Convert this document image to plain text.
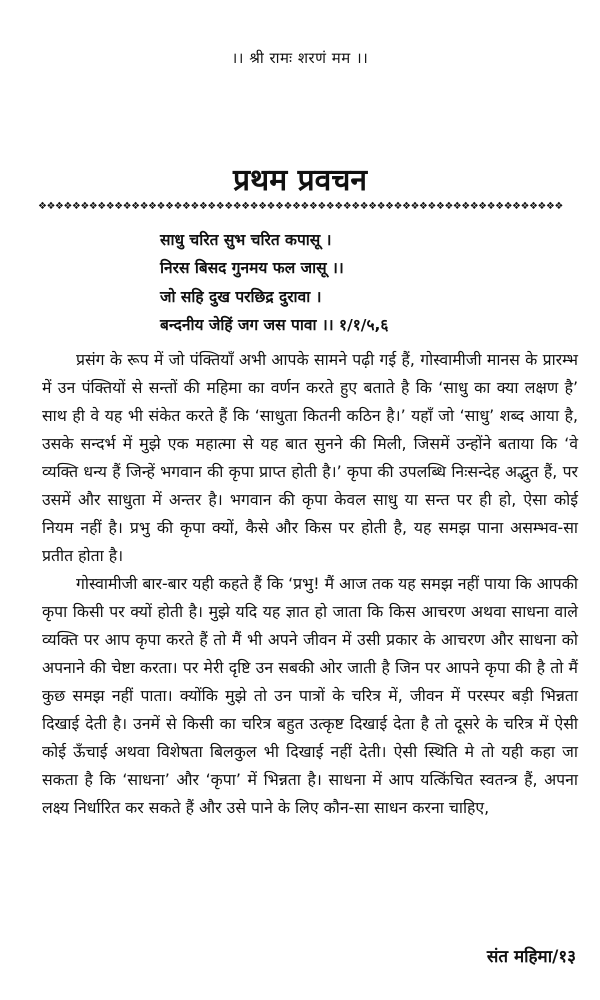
।। श्री रामः शरणं मम ।।
प्रथम प्रवचन
❖❖❖❖❖❖❖❖❖❖❖❖❖❖❖❖❖❖❖❖❖❖❖❖❖❖❖❖❖❖❖❖❖❖❖❖❖❖❖❖❖❖❖❖❖❖❖❖❖❖❖❖❖❖❖❖❖❖❖❖❖❖
साधु चरित सुभ चरित कपासू ।
निरस बिसद गुनमय फल जासू ।।
जो सहि दुख परछिद्र दुरावा ।
बन्दनीय जेहिं जग जस पावा ।। १/१/५,६

प्रसंग के रूप में जो पंक्तियाँ अभी आपके सामने पढ़ी गई हैं, गोस्वामीजी मानस के प्रारम्भ में उन पंक्तियों से सन्तों की महिमा का वर्णन करते हुए बताते है कि ‘साधु का क्या लक्षण है’ साथ ही वे यह भी संकेत करते हैं कि ‘साधुता कितनी कठिन है।’ यहाँ जो ‘साधु’ शब्द आया है, उसके सन्दर्भ में मुझे एक महात्मा से यह बात सुनने की मिली, जिसमें उन्होंने बताया कि ‘वे व्यक्ति धन्य हैं जिन्हें भगवान की कृपा प्राप्त होती है।’ कृपा की उपलब्धि निःसन्देह अद्भुत हैं, पर उसमें और साधुता में अन्तर है। भगवान की कृपा केवल साधु या सन्त पर ही हो, ऐसा कोई नियम नहीं है। प्रभु की कृपा क्यों, कैसे और किस पर होती है, यह समझ पाना असम्भव-सा प्रतीत होता है।

गोस्वामीजी बार-बार यही कहते हैं कि ‘प्रभु! मैं आज तक यह समझ नहीं पाया कि आपकी कृपा किसी पर क्यों होती है। मुझे यदि यह ज्ञात हो जाता कि किस आचरण अथवा साधना वाले व्यक्ति पर आप कृपा करते हैं तो मैं भी अपने जीवन में उसी प्रकार के आचरण और साधना को अपनाने की चेष्टा करता। पर मेरी दृष्टि उन सबकी ओर जाती है जिन पर आपने कृपा की है तो मैं कुछ समझ नहीं पाता। क्योंकि मुझे तो उन पात्रों के चरित्र में, जीवन में परस्पर बड़ी भिन्नता दिखाई देती है। उनमें से किसी का चरित्र बहुत उत्कृष्ट दिखाई देता है तो दूसरे के चरित्र में ऐसी कोई ऊँचाई अथवा विशेषता बिलकुल भी दिखाई नहीं देती। ऐसी स्थिति मे तो यही कहा जा सकता है कि ‘साधना’ और ‘कृपा’ में भिन्नता है। साधना में आप यत्किंचित स्वतन्त्र हैं, अपना लक्ष्य निर्धारित कर सकते हैं और उसे पाने के लिए कौन-सा साधन करना चाहिए,

संत महिमा/१३
